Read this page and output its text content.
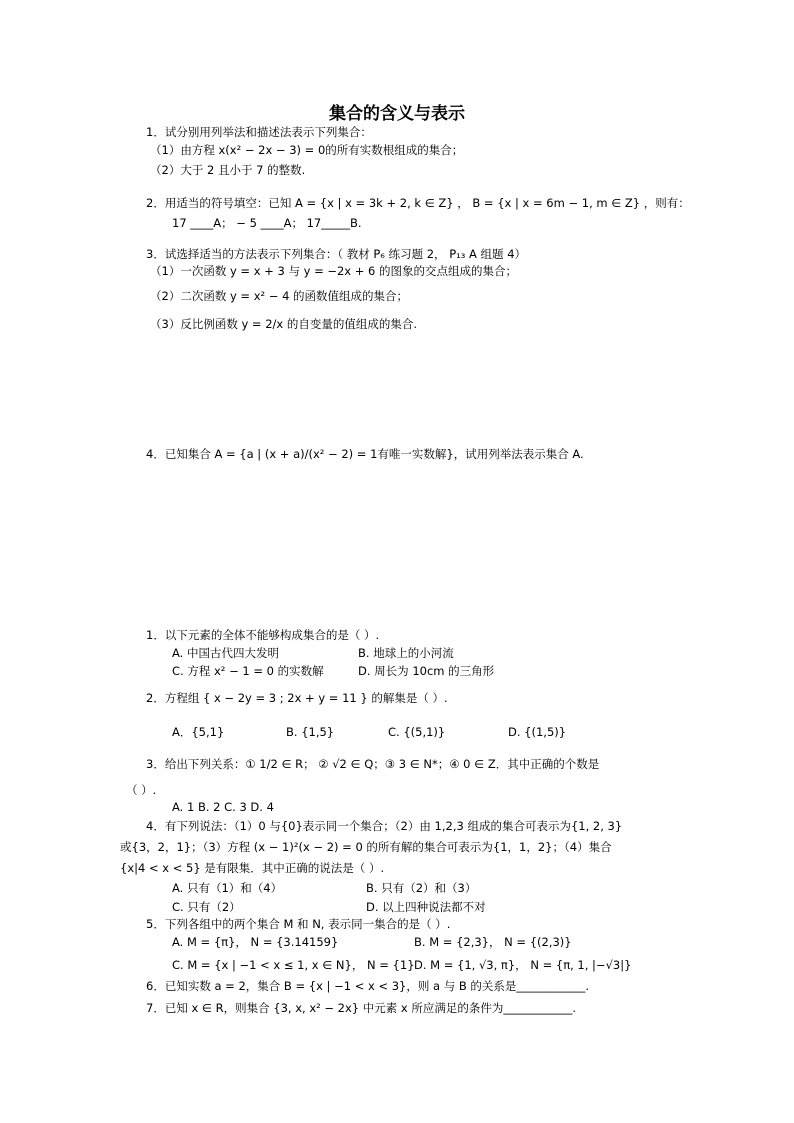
集合的含义与表示
1．试分别用列举法和描述法表示下列集合：
（1）由方程 x(x² − 2x − 3) = 0的所有实数根组成的集合；
（2）大于 2 且小于 7 的整数.
2．用适当的符号填空：已知 A = {x | x = 3k + 2, k ∈ Z} ， B = {x | x = 6m − 1, m ∈ Z} ，则有：
17 ____A； − 5 ____A； 17_____B.
3．试选择适当的方法表示下列集合：（ 教材 P₆ 练习题 2， P₁₃ A 组题 4）
（1）一次函数 y = x + 3 与 y = −2x + 6 的图象的交点组成的集合；
（2）二次函数 y = x² − 4 的函数值组成的集合；
（3）反比例函数 y = 2/x 的自变量的值组成的集合.
4．已知集合 A = {a | (x + a)/(x² − 2) = 1有唯一实数解}，试用列举法表示集合 A.
1．以下元素的全体不能够构成集合的是（ ）.
A. 中国古代四大发明	B. 地球上的小河流
C. 方程 x² − 1 = 0 的实数解	D. 周长为 10cm 的三角形
2．方程组 { x − 2y = 3 ; 2x + y = 11 } 的解集是（ ）.
A．{5,1}	B. {1,5}	C. {(5,1)}	D. {(1,5)}
3．给出下列关系：① 1/2 ∈ R； ② √2 ∈ Q；③ 3 ∈ N*；④ 0 ∈ Z．其中正确的个数是
（ ）.
A. 1 B. 2 C. 3 D. 4
4．有下列说法：（1）0 与{0}表示同一个集合；（2）由 1,2,3 组成的集合可表示为{1, 2, 3}
或{3，2，1}；（3）方程 (x − 1)²(x − 2) = 0 的所有解的集合可表示为{1，1，2}；（4）集合
{x|4 < x < 5} 是有限集．其中正确的说法是（ ）.
A. 只有（1）和（4）	B. 只有（2）和（3）
C. 只有（2）	D. 以上四种说法都不对
5．下列各组中的两个集合 M 和 N, 表示同一集合的是（ ）.
A. M = {π}， N = {3.14159}	B. M = {2,3}， N = {(2,3)}
C. M = {x | −1 < x ≤ 1, x ∈ N}， N = {1} D. M = {1, √3, π}， N = {π, 1, |−√3|}
6．已知实数 a = 2，集合 B = {x | −1 < x < 3}，则 a 与 B 的关系是____________.
7．已知 x ∈ R，则集合 {3, x, x² − 2x} 中元素 x 所应满足的条件为____________.
